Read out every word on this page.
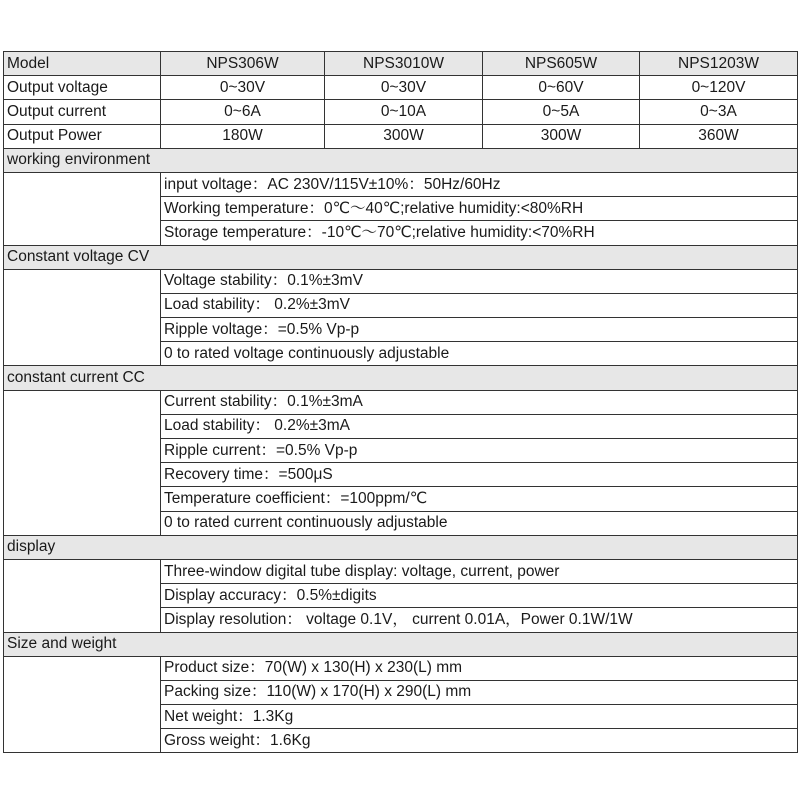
Model	NPS306W	NPS3010W	NPS605W	NPS1203W
Output voltage	0~30V	0~30V	0~60V	0~120V
Output current	0~6A	0~10A	0~5A	0~3A
Output Power	180W	300W	300W	360W
working environment				
	input voltage：AC 230V/115V±10%：50Hz/60Hz			
	Working temperature：0℃～40℃;relative humidity:<80%RH			
	Storage temperature：-10℃～70℃;relative humidity:<70%RH			
Constant voltage CV				
	Voltage stability：0.1%±3mV			
	Load stability： 0.2%±3mV			
	Ripple voltage：=0.5% Vp-p			
	0 to rated voltage continuously adjustable			
constant current CC				
	Current stability：0.1%±3mA			
	Load stability： 0.2%±3mA			
	Ripple current：=0.5% Vp-p			
	Recovery time：=500μS			
	Temperature coefficient：=100ppm/℃			
	0 to rated current continuously adjustable			
display				
	Three-window digital tube display: voltage, current, power			
	Display accuracy：0.5%±digits			
	Display resolution： voltage 0.1V， current 0.01A，Power 0.1W/1W			
Size and weight				
	Product size：70(W) x 130(H) x 230(L) mm			
	Packing size：110(W) x 170(H) x 290(L) mm			
	Net weight：1.3Kg			
	Gross weight：1.6Kg			
